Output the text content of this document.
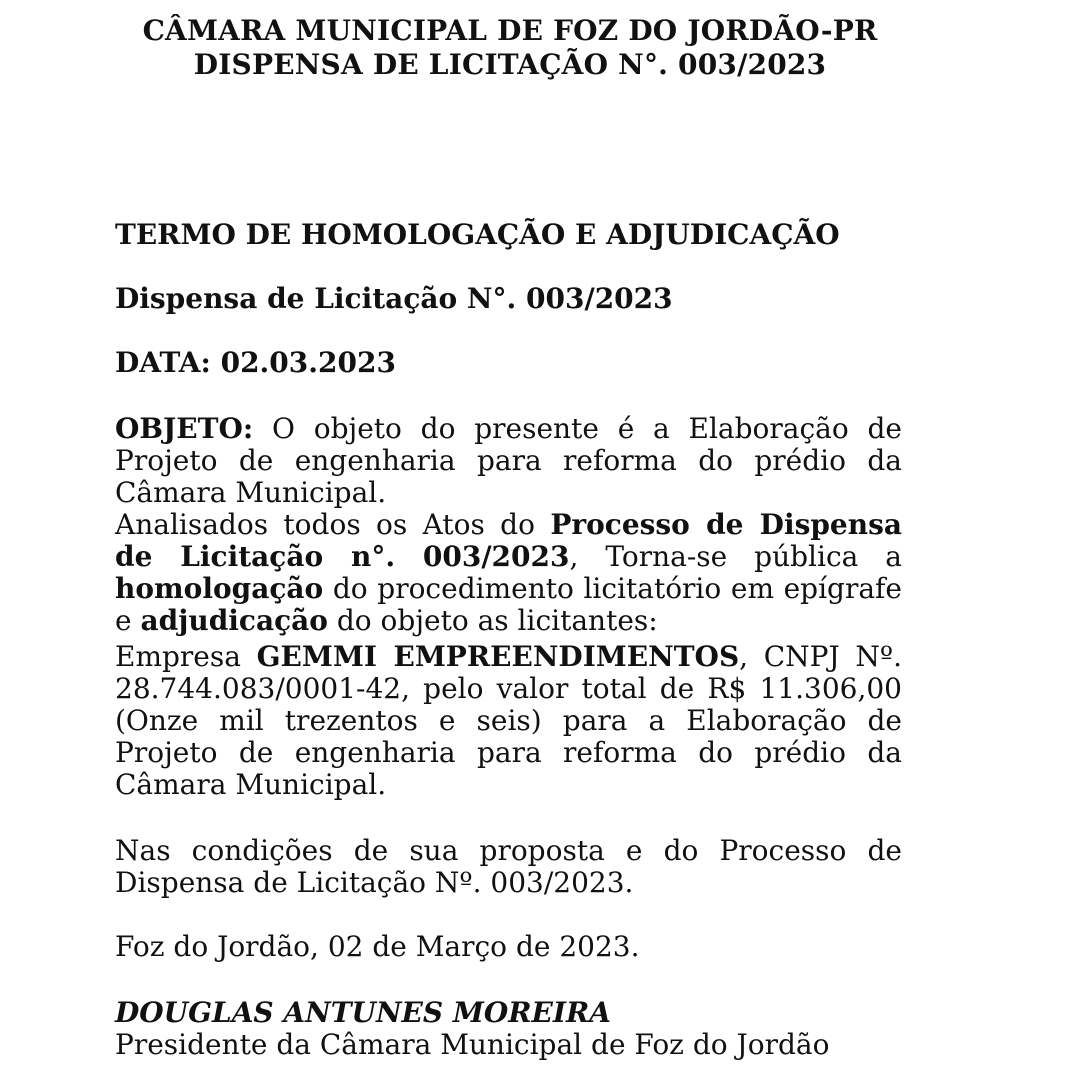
CÂMARA MUNICIPAL DE FOZ DO JORDÃO-PR
DISPENSA DE LICITAÇÃO N°. 003/2023
TERMO DE HOMOLOGAÇÃO E ADJUDICAÇÃO
Dispensa de Licitação N°. 003/2023
DATA: 02.03.2023
OBJETO: O objeto do presente é a Elaboração de Projeto de engenharia para reforma do prédio da Câmara Municipal.
Analisados todos os Atos do Processo de Dispensa de Licitação n°. 003/2023, Torna-se pública a homologação do procedimento licitatório em epígrafe e adjudicação do objeto as licitantes:
Empresa GEMMI EMPREENDIMENTOS, CNPJ Nº. 28.744.083/0001-42, pelo valor total de R$ 11.306,00 (Onze mil trezentos e seis) para a Elaboração de Projeto de engenharia para reforma do prédio da Câmara Municipal.
Nas condições de sua proposta e do Processo de Dispensa de Licitação Nº. 003/2023.
Foz do Jordão, 02 de Março de 2023.
DOUGLAS ANTUNES MOREIRA
Presidente da Câmara Municipal de Foz do Jordão
